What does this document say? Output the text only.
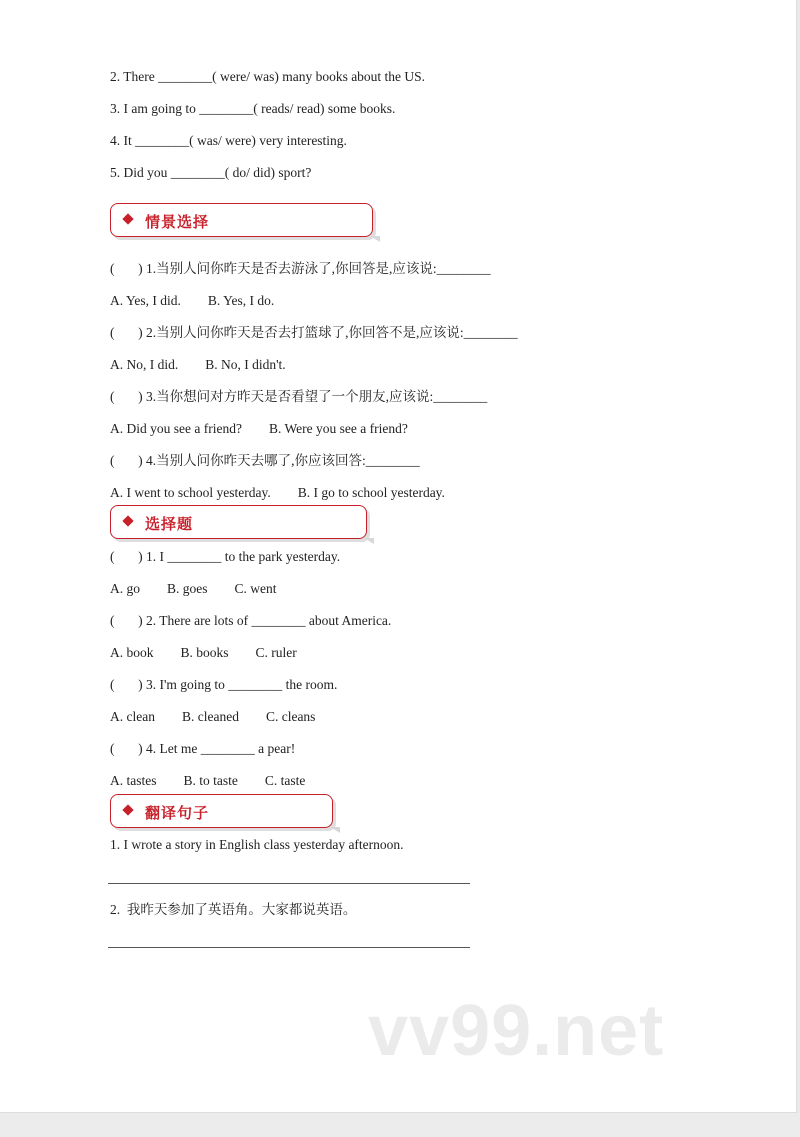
2. There ________( were/ was) many books about the US.
3. I am going to ________( reads/ read) some books.
4. It ________( was/ were) very interesting.
5. Did you ________( do/ did) sport?
情景选择
(       ) 1.当别人问你昨天是否去游泳了,你回答是,应该说:________
A. Yes, I did.        B. Yes, I do.
(       ) 2.当别人问你昨天是否去打篮球了,你回答不是,应该说:________
A. No, I did.        B. No, I didn't.
(       ) 3.当你想问对方昨天是否看望了一个朋友,应该说:________
A. Did you see a friend?        B. Were you see a friend?
(       ) 4.当别人问你昨天去哪了,你应该回答:________
A. I went to school yesterday.        B. I go to school yesterday.
选择题
(       ) 1. I ________ to the park yesterday.
A. go        B. goes        C. went
(       ) 2. There are lots of ________ about America.
A. book        B. books        C. ruler
(       ) 3. I'm going to ________ the room.
A. clean        B. cleaned        C. cleans
(       ) 4. Let me ________ a pear!
A. tastes        B. to taste        C. taste
翻译句子
1. I wrote a story in English class yesterday afternoon.
2.  我昨天参加了英语角。大家都说英语。
vv99.net
